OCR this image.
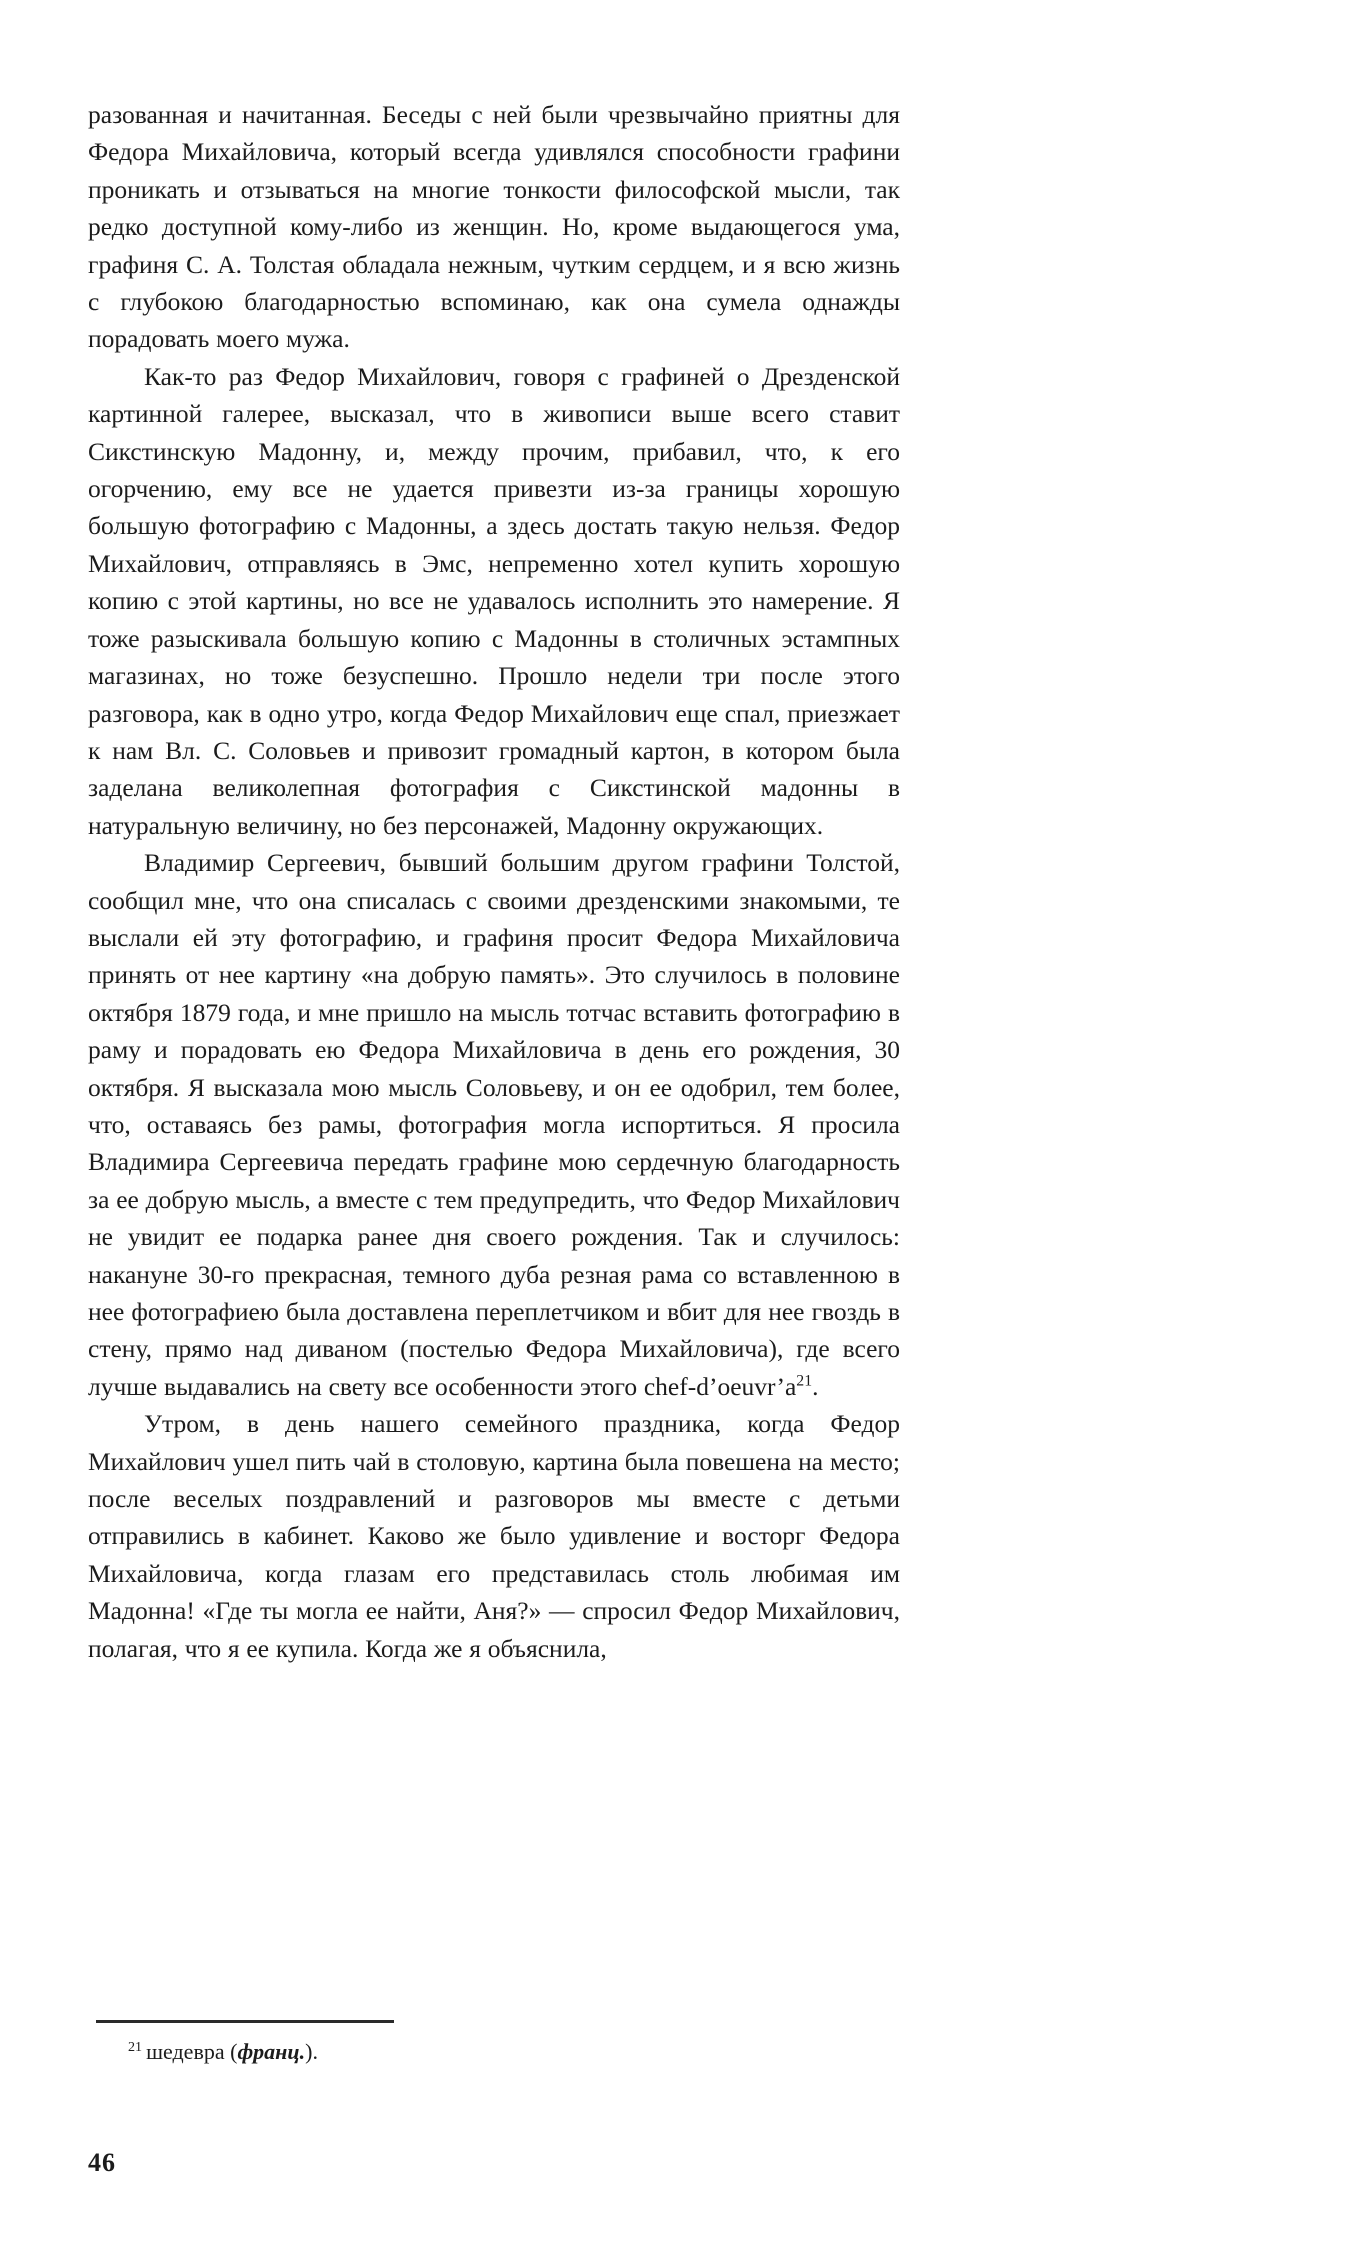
разованная и начитанная. Беседы с ней были чрезвычайно приятны для Федора Михайловича, который всегда удивлялся способности графини проникать и отзываться на многие тонкости философской мысли, так редко доступной кому-либо из женщин. Но, кроме выдающегося ума, графиня С. А. Толстая обладала нежным, чутким сердцем, и я всю жизнь с глубокою благодарностью вспоминаю, как она сумела однажды порадовать моего мужа.

Как-то раз Федор Михайлович, говоря с графиней о Дрезденской картинной галерее, высказал, что в живописи выше всего ставит Сикстинскую Мадонну, и, между прочим, прибавил, что, к его огорчению, ему все не удается привезти из-за границы хорошую большую фотографию с Мадонны, а здесь достать такую нельзя. Федор Михайлович, отправляясь в Эмс, непременно хотел купить хорошую копию с этой картины, но все не удавалось исполнить это намерение. Я тоже разыскивала большую копию с Мадонны в столичных эстампных магазинах, но тоже безуспешно. Прошло недели три после этого разговора, как в одно утро, когда Федор Михайлович еще спал, приезжает к нам Вл. С. Соловьев и привозит громадный картон, в котором была заделана великолепная фотография с Сикстинской мадонны в натуральную величину, но без персонажей, Мадонну окружающих.

Владимир Сергеевич, бывший большим другом графини Толстой, сообщил мне, что она списалась с своими дрезденскими знакомыми, те выслали ей эту фотографию, и графиня просит Федора Михайловича принять от нее картину «на добрую память». Это случилось в половине октября 1879 года, и мне пришло на мысль тотчас вставить фотографию в раму и порадовать ею Федора Михайловича в день его рождения, 30 октября. Я высказала мою мысль Соловьеву, и он ее одобрил, тем более, что, оставаясь без рамы, фотография могла испортиться. Я просила Владимира Сергеевича передать графине мою сердечную благодарность за ее добрую мысль, а вместе с тем предупредить, что Федор Михайлович не увидит ее подарка ранее дня своего рождения. Так и случилось: накануне 30-го прекрасная, темного дуба резная рама со вставленною в нее фотографиею была доставлена переплетчиком и вбит для нее гвоздь в стену, прямо над диваном (постелью Федора Михайловича), где всего лучше выдавались на свету все особенности этого chef-d’oeuvr’a$^{21}$.

Утром, в день нашего семейного праздника, когда Федор Михайлович ушел пить чай в столовую, картина была повешена на место; после веселых поздравлений и разговоров мы вместе с детьми отправились в кабинет. Каково же было удивление и восторг Федора Михайловича, когда глазам его представилась столь любимая им Мадонна! «Где ты могла ее найти, Аня?» — спросил Федор Михайлович, полагая, что я ее купила. Когда же я объяснила,

$^{21}$ шедевра (франц.).

46
